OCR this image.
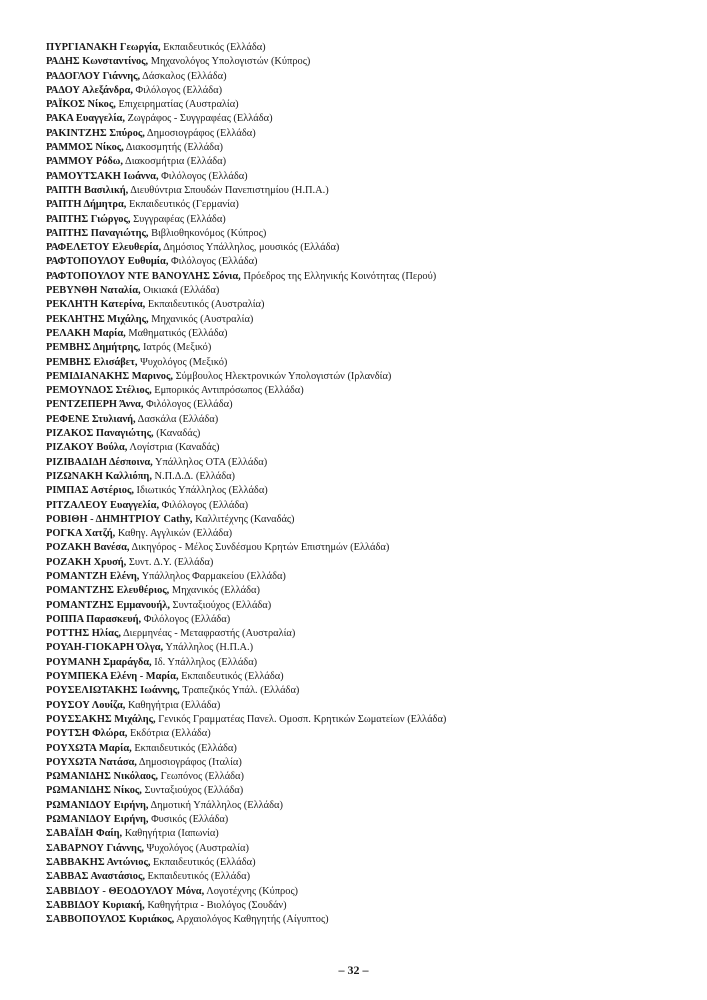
ΠΥΡΓΙΑΝΑΚΗ Γεωργία, Εκπαιδευτικός (Ελλάδα)
ΡΑΔΗΣ Κωνσταντίνος, Μηχανολόγος Υπολογιστών (Κύπρος)
ΡΑΔΟΓΛΟΥ Γιάννης, Δάσκαλος (Ελλάδα)
ΡΑΔΟΥ Αλεξάνδρα, Φιλόλογος (Ελλάδα)
ΡΑΪΚΟΣ Νίκος, Επιχειρηματίας (Αυστραλία)
ΡΑΚΑ Ευαγγελία, Ζωγράφος - Συγγραφέας (Ελλάδα)
ΡΑΚΙΝΤΖΗΣ Σπύρος, Δημοσιογράφος (Ελλάδα)
ΡΑΜΜΟΣ Νίκος, Διακοσμητής (Ελλάδα)
ΡΑΜΜΟΥ Ρόδω, Διακοσμήτρια (Ελλάδα)
ΡΑΜΟΥΤΣΑΚΗ Ιωάννα, Φιλόλογος (Ελλάδα)
ΡΑΠΤΗ Βασιλική, Διευθύντρια Σπουδών Πανεπιστημίου (Η.Π.Α.)
ΡΑΠΤΗ Δήμητρα, Εκπαιδευτικός (Γερμανία)
ΡΑΠΤΗΣ Γιώργος, Συγγραφέας (Ελλάδα)
ΡΑΠΤΗΣ Παναγιώτης, Βιβλιοθηκονόμος (Κύπρος)
ΡΑΦΕΛΕΤΟΥ Ελευθερία, Δημόσιος Υπάλληλος, μουσικός (Ελλάδα)
ΡΑΦΤΟΠΟΥΛΟΥ Ευθυμία, Φιλόλογος (Ελλάδα)
ΡΑΦΤΟΠΟΥΛΟΥ ΝΤΕ ΒΑΝΟΥΛΗΣ Σόνια, Πρόεδρος της Ελληνικής Κοινότητας (Περού)
ΡΕΒΥΝΘΗ Ναταλία, Οικιακά (Ελλάδα)
ΡΕΚΛΗΤΗ Κατερίνα, Εκπαιδευτικός (Αυστραλία)
ΡΕΚΛΗΤΗΣ Μιχάλης, Μηχανικός (Αυστραλία)
ΡΕΛΑΚΗ Μαρία, Μαθηματικός (Ελλάδα)
ΡΕΜΒΗΣ Δημήτρης, Ιατρός (Μεξικό)
ΡΕΜΒΗΣ Ελισάβετ, Ψυχολόγος (Μεξικό)
ΡΕΜΙΔΙΑΝΑΚΗΣ Μαρινος, Σύμβουλος Ηλεκτρονικών Υπολογιστών (Ιρλανδία)
ΡΕΜΟΥΝΔΟΣ Στέλιος, Εμπορικός Αντιπρόσωπος (Ελλάδα)
ΡΕΝΤΖΕΠΕΡΗ Άννα, Φιλόλογος (Ελλάδα)
ΡΕΦΕΝΕ Στυλιανή, Δασκάλα (Ελλάδα)
ΡΙΖΑΚΟΣ Παναγιώτης, (Καναδάς)
ΡΙΖΑΚΟΥ Βούλα, Λογίστρια (Καναδάς)
ΡΙΖΙΒΑΔΙΔΗ Δέσποινα, Υπάλληλος ΟΤΑ (Ελλάδα)
ΡΙΖΩΝΑΚΗ Καλλιόπη, Ν.Π.Δ.Δ. (Ελλάδα)
ΡΙΜΠΑΣ Αστέριος, Ιδιωτικός Υπάλληλος (Ελλάδα)
ΡΙΤΖΑΛΕΟΥ Ευαγγελία, Φιλόλογος (Ελλάδα)
ΡΟΒΙΘΗ - ΔΗΜΗΤΡΙΟΥ Cathy, Καλλιτέχνης (Καναδάς)
ΡΟΓΚΑ Χατζή, Καθηγ. Αγγλικών (Ελλάδα)
ΡΟΖΑΚΗ Βανέσα, Δικηγόρος - Μέλος Συνδέσμου Κρητών Επιστημών (Ελλάδα)
ΡΟΖΑΚΗ Χρυσή, Συντ. Δ.Υ. (Ελλάδα)
ΡΟΜΑΝΤΖΗ Ελένη, Υπάλληλος Φαρμακείου (Ελλάδα)
ΡΟΜΑΝΤΖΗΣ Ελευθέριος, Μηχανικός (Ελλάδα)
ΡΟΜΑΝΤΖΗΣ Εμμανουήλ, Συνταξιούχος (Ελλάδα)
ΡΟΠΠΑ Παρασκευή, Φιλόλογος (Ελλάδα)
ΡΟΤΤΗΣ Ηλίας, Διερμηνέας - Μεταφραστής (Αυστραλία)
ΡΟΥΑΗ-ΓΙΟΚΑΡΗ Όλγα, Υπάλληλος (Η.Π.Α.)
ΡΟΥΜΑΝΗ Σμαράγδα, Ιδ. Υπάλληλος (Ελλάδα)
ΡΟΥΜΠΕΚΑ Ελένη - Μαρία, Εκπαιδευτικός (Ελλάδα)
ΡΟΥΣΕΛΙΩΤΑΚΗΣ Ιωάννης, Τραπεζικός Υπάλ. (Ελλάδα)
ΡΟΥΣΟΥ Λουίζα, Καθηγήτρια (Ελλάδα)
ΡΟΥΣΣΑΚΗΣ Μιχάλης, Γενικός Γραμματέας Πανελ. Ομοσπ. Κρητικών Σωματείων (Ελλάδα)
ΡΟΥΤΣΗ Φλώρα, Εκδότρια (Ελλάδα)
ΡΟΥΧΩΤΑ Μαρία, Εκπαιδευτικός (Ελλάδα)
ΡΟΥΧΩΤΑ Νατάσα, Δημοσιογράφος (Ιταλία)
ΡΩΜΑΝΙΔΗΣ Νικόλαος, Γεωπόνος (Ελλάδα)
ΡΩΜΑΝΙΔΗΣ Νίκος, Συνταξιούχος (Ελλάδα)
ΡΩΜΑΝΙΔΟΥ Ειρήνη, Δημοτική Υπάλληλος (Ελλάδα)
ΡΩΜΑΝΙΔΟΥ Ειρήνη, Φυσικός (Ελλάδα)
ΣΑΒΑΪΔΗ Φαίη, Καθηγήτρια (Ιαπωνία)
ΣΑΒΑΡΝΟΥ Γιάννης, Ψυχολόγος (Αυστραλία)
ΣΑΒΒΑΚΗΣ Αντώνιος, Εκπαιδευτικός (Ελλάδα)
ΣΑΒΒΑΣ Αναστάσιος, Εκπαιδευτικός (Ελλάδα)
ΣΑΒΒΙΔΟΥ - ΘΕΟΔΟΥΛΟΥ Μόνα, Λογοτέχνης (Κύπρος)
ΣΑΒΒΙΔΟΥ Κυριακή, Καθηγήτρια - Βιολόγος (Σουδάν)
ΣΑΒΒΟΠΟΥΛΟΣ Κυριάκος, Αρχαιολόγος Καθηγητής (Αίγυπτος)
– 32 –
